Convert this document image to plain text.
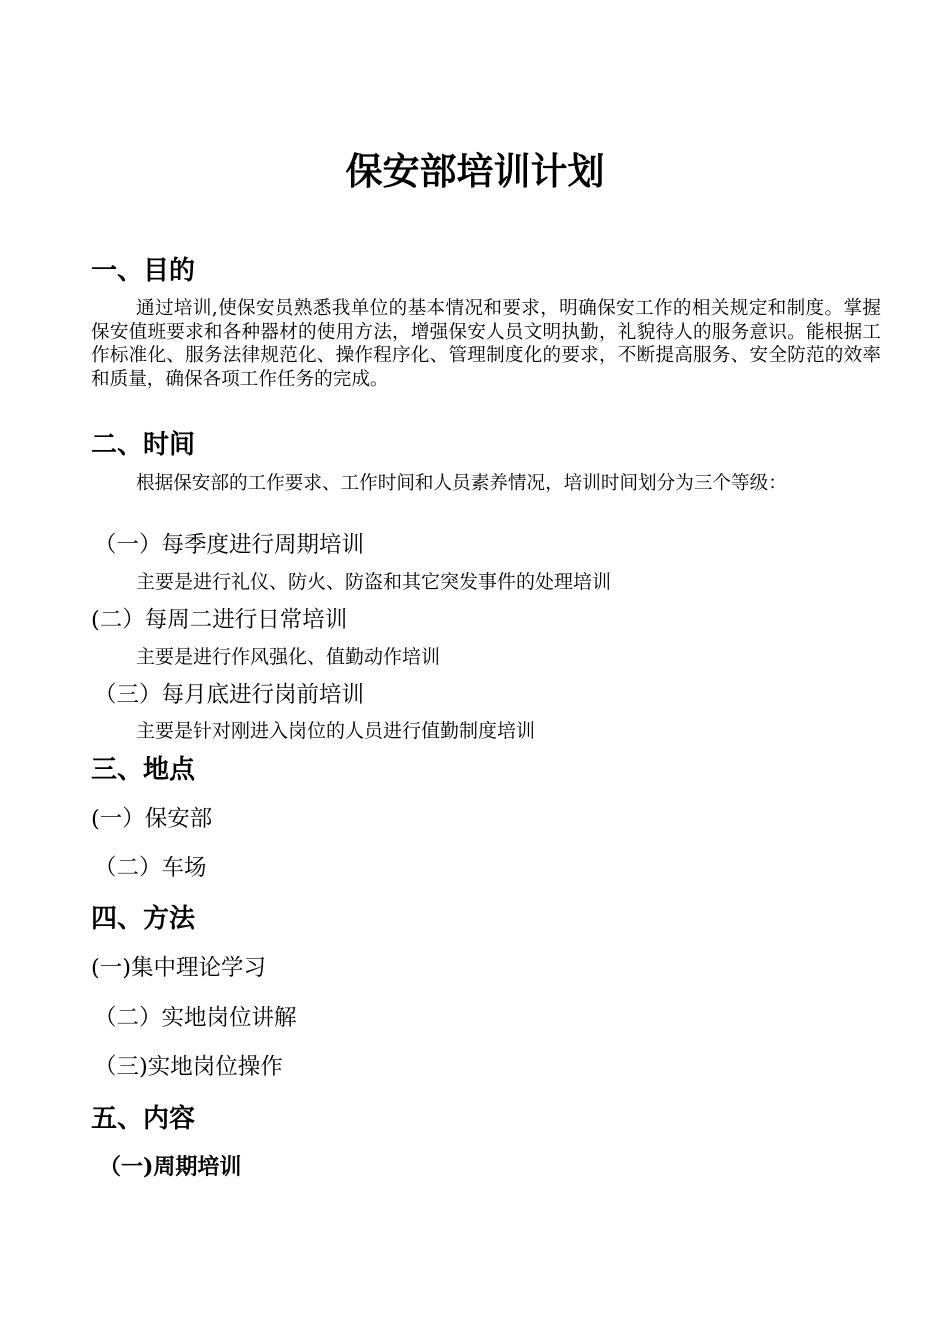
保安部培训计划
一、目的
通过培训,使保安员熟悉我单位的基本情况和要求，明确保安工作的相关规定和制度。掌握保安值班要求和各种器材的使用方法，增强保安人员文明执勤，礼貌待人的服务意识。能根据工作标准化、服务法律规范化、操作程序化、管理制度化的要求，不断提高服务、安全防范的效率和质量，确保各项工作任务的完成。
二、时间
根据保安部的工作要求、工作时间和人员素养情况，培训时间划分为三个等级：
（一）每季度进行周期培训
主要是进行礼仪、防火、防盗和其它突发事件的处理培训
(二）每周二进行日常培训
主要是进行作风强化、值勤动作培训
（三）每月底进行岗前培训
主要是针对刚进入岗位的人员进行值勤制度培训
三、地点
(一）保安部
（二）车场
四、方法
(一)集中理论学习
（二）实地岗位讲解
（三)实地岗位操作
五、内容
（一)周期培训
